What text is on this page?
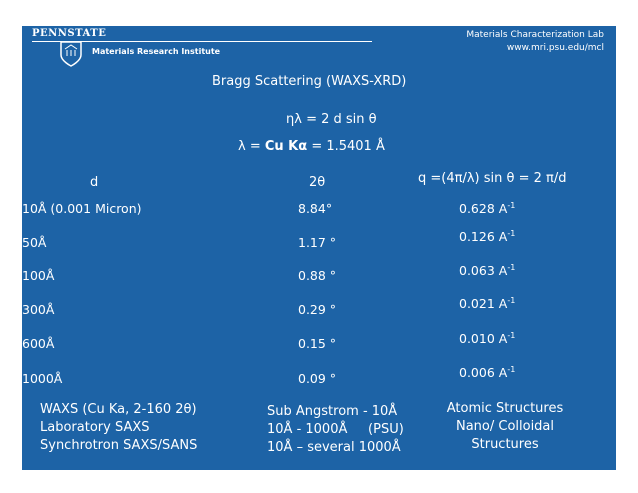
PENNSTATE
Materials Research Institute
Materials Characterization Lab
www.mri.psu.edu/mcl
Bragg Scattering (WAXS-XRD)
ηλ = 2 d sin θ
λ = Cu Kα = 1.5401 Å
d	2θ	q =(4π/λ) sin θ = 2 π/d
10Å (0.001 Micron)	8.84°	0.628 $A^{-1}$
50Å	1.17 °	0.126 $A^{-1}$
100Å	0.88 °	0.063 $A^{-1}$
300Å	0.29 °	0.021 $A^{-1}$
600Å	0.15 °	0.010 $A^{-1}$
1000Å	0.09 °	0.006 $A^{-1}$
WAXS (Cu Ka, 2-160 2θ)
Laboratory SAXS
Synchrotron SAXS/SANS
Sub Angstrom - 10Å
10Å - 1000Å     (PSU)
10Å – several 1000Å
Atomic Structures
Nano/ Colloidal
Structures
